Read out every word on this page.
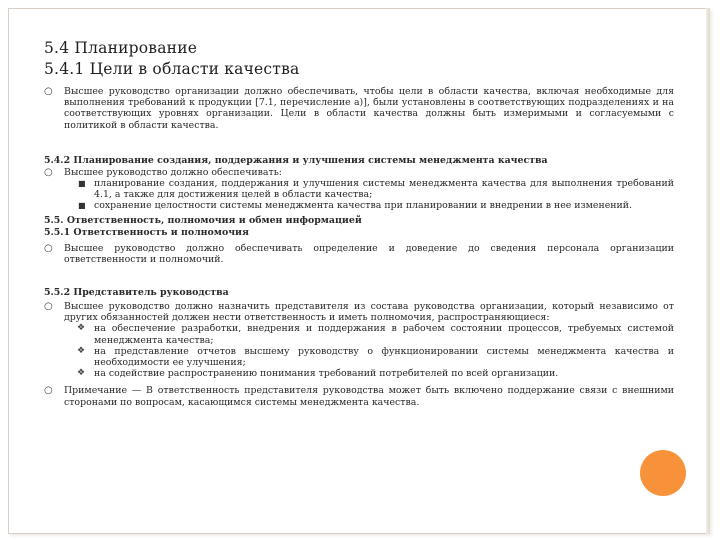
5.4 Планирование
5.4.1 Цели в области качества
○ Высшее руководство организации должно обеспечивать, чтобы цели в области качества, включая необходимые для выполнения требований к продукции [7.1, перечисление а)], были установлены в соответствующих подразделениях и на соответствующих уровнях организации. Цели в области качества должны быть измеримыми и согласуемыми с политикой в области качества.
5.4.2 Планирование создания, поддержания и улучшения системы менеджмента качества
○ Высшее руководство должно обеспечивать:
■ планирование создания, поддержания и улучшения системы менеджмента качества для выполнения требований 4.1, а также для достижения целей в области качества;
■ сохранение целостности системы менеджмента качества при планировании и внедрении в нее изменений.
5.5. Ответственность, полномочия и обмен информацией
5.5.1 Ответственность и полномочия
○ Высшее руководство должно обеспечивать определение и доведение до сведения персонала организации ответственности и полномочий.
5.5.2 Представитель руководства
○ Высшее руководство должно назначить представителя из состава руководства организации, который независимо от других обязанностей должен нести ответственность и иметь полномочия, распространяющиеся:
❖ на обеспечение разработки, внедрения и поддержания в рабочем состоянии процессов, требуемых системой менеджмента качества;
❖ на представление отчетов высшему руководству о функционировании системы менеджмента качества и необходимости ее улучшения;
❖ на содействие распространению понимания требований потребителей по всей организации.
○ Примечание — В ответственность представителя руководства может быть включено поддержание связи с внешними сторонами по вопросам, касающимся системы менеджмента качества.
